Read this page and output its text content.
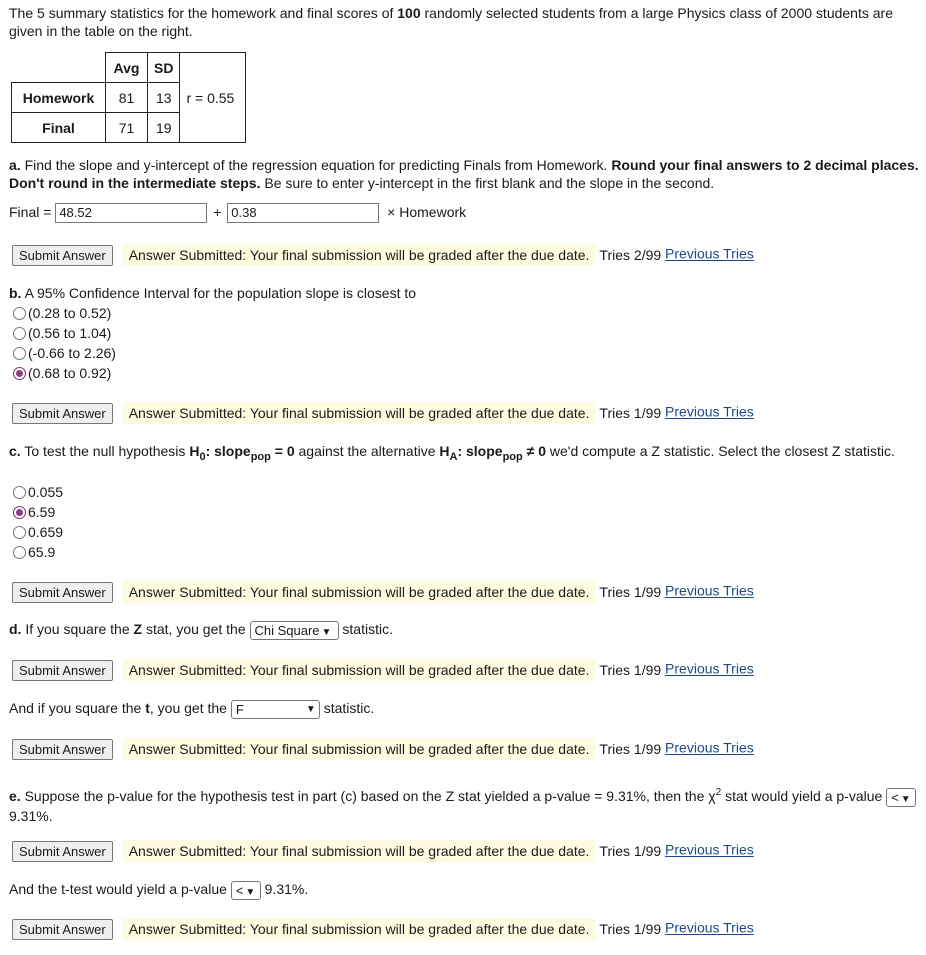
The 5 summary statistics for the homework and final scores of 100 randomly selected students from a large Physics class of 2000 students are given in the table on the right.
	Avg	SD	
Homework	81	13	r = 0.55
Final	71	19	
a. Find the slope and y-intercept of the regression equation for predicting Finals from Homework. Round your final answers to 2 decimal places. Don't round in the intermediate steps. Be sure to enter y-intercept in the first blank and the slope in the second.
Final = 48.52	+ 0.38	× Homework
Submit Answer Answer Submitted: Your final submission will be graded after the due date. Tries 2/99 Previous Tries
b. A 95% Confidence Interval for the population slope is closest to
(0.28 to 0.52)
(0.56 to 1.04)
(-0.66 to 2.26)
(0.68 to 0.92)
Submit Answer Answer Submitted: Your final submission will be graded after the due date. Tries 1/99 Previous Tries
c. To test the null hypothesis $H_0$: slope$_{pop}$ = 0 against the alternative $H_A$: slope$_{pop}$ ≠ 0 we'd compute a Z statistic. Select the closest Z statistic.
0.055
6.59
0.659
65.9
Submit Answer Answer Submitted: Your final submission will be graded after the due date. Tries 1/99 Previous Tries
d. If you square the Z stat, you get the Chi Square ▼ statistic.
Submit Answer Answer Submitted: Your final submission will be graded after the due date. Tries 1/99 Previous Tries
And if you square the t, you get the F	▼ statistic.
Submit Answer Answer Submitted: Your final submission will be graded after the due date. Tries 1/99 Previous Tries
e. Suppose the p-value for the hypothesis test in part (c) based on the Z stat yielded a p-value = 9.31%, then the $\chi^2$ stat would yield a p-value < ▼ 9.31%.
Submit Answer Answer Submitted: Your final submission will be graded after the due date. Tries 1/99 Previous Tries
And the t-test would yield a p-value < ▼ 9.31%.
Submit Answer Answer Submitted: Your final submission will be graded after the due date. Tries 1/99 Previous Tries
